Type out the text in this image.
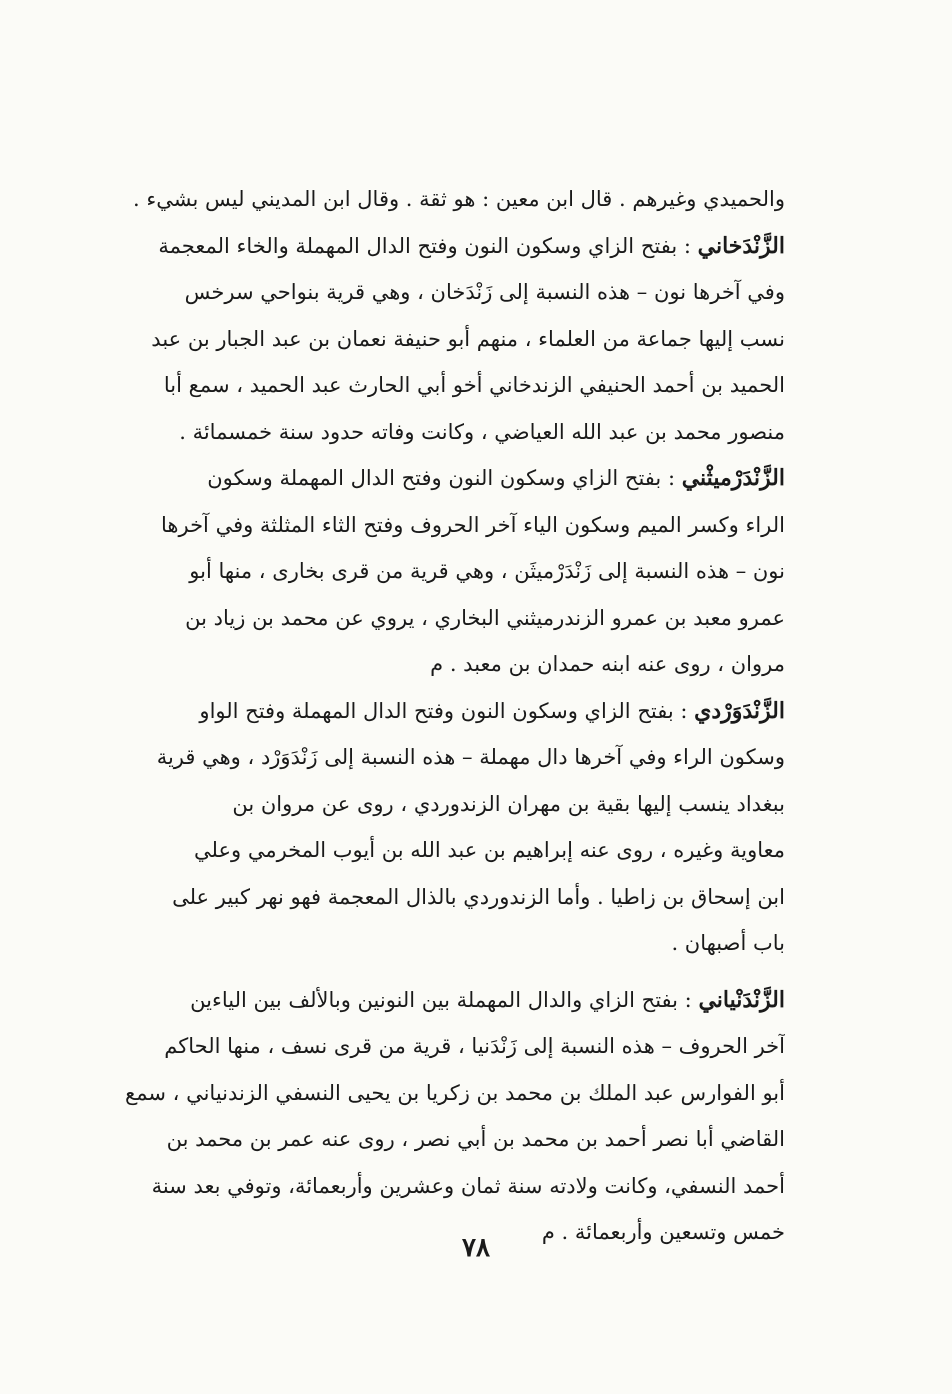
والحميدي وغيرهم . قال ابن معين : هو ثقة . وقال ابن المديني ليس بشيء .
الزَّنْدَخاني : بفتح الزاي وسكون النون وفتح الدال المهملة والخاء المعجمة
وفي آخرها نون – هذه النسبة إلى زَنْدَخان ، وهي قرية بنواحي سرخس
نسب إليها جماعة من العلماء ، منهم أبو حنيفة نعمان بن عبد الجبار بن عبد
الحميد بن أحمد الحنيفي الزندخاني أخو أبي الحارث عبد الحميد ، سمع أبا
منصور محمد بن عبد الله العياضي ، وكانت وفاته حدود سنة خمسمائة .
الزَّنْدَرْميثْني : بفتح الزاي وسكون النون وفتح الدال المهملة وسكون
الراء وكسر الميم وسكون الياء آخر الحروف وفتح الثاء المثلثة وفي آخرها
نون – هذه النسبة إلى زَنْدَرْميثَن ، وهي قرية من قرى بخارى ، منها أبو
عمرو معبد بن عمرو الزندرميثني البخاري ، يروي عن محمد بن زياد بن
مروان ، روى عنه ابنه حمدان بن معبد . م
الزَّنْدَوَرْدي : بفتح الزاي وسكون النون وفتح الدال المهملة وفتح الواو
وسكون الراء وفي آخرها دال مهملة – هذه النسبة إلى زَنْدَوَرْد ، وهي قرية
ببغداد ينسب إليها بقية بن مهران الزندوردي ، روى عن مروان بن
معاوية وغيره ، روى عنه إبراهيم بن عبد الله بن أيوب المخرمي وعلي
ابن إسحاق بن زاطيا . وأما الزندوردي بالذال المعجمة فهو نهر كبير على
باب أصبهان .
الزَّنْدَنْياني : بفتح الزاي والدال المهملة بين النونين وبالألف بين الياءين
آخر الحروف – هذه النسبة إلى زَنْدَنيا ، قرية من قرى نسف ، منها الحاكم
أبو الفوارس عبد الملك بن محمد بن زكريا بن يحيى النسفي الزندنياني ، سمع
القاضي أبا نصر أحمد بن محمد بن أبي نصر ، روى عنه عمر بن محمد بن
أحمد النسفي، وكانت ولادته سنة ثمان وعشرين وأربعمائة، وتوفي بعد سنة
خمس وتسعين وأربعمائة . م
٧٨
